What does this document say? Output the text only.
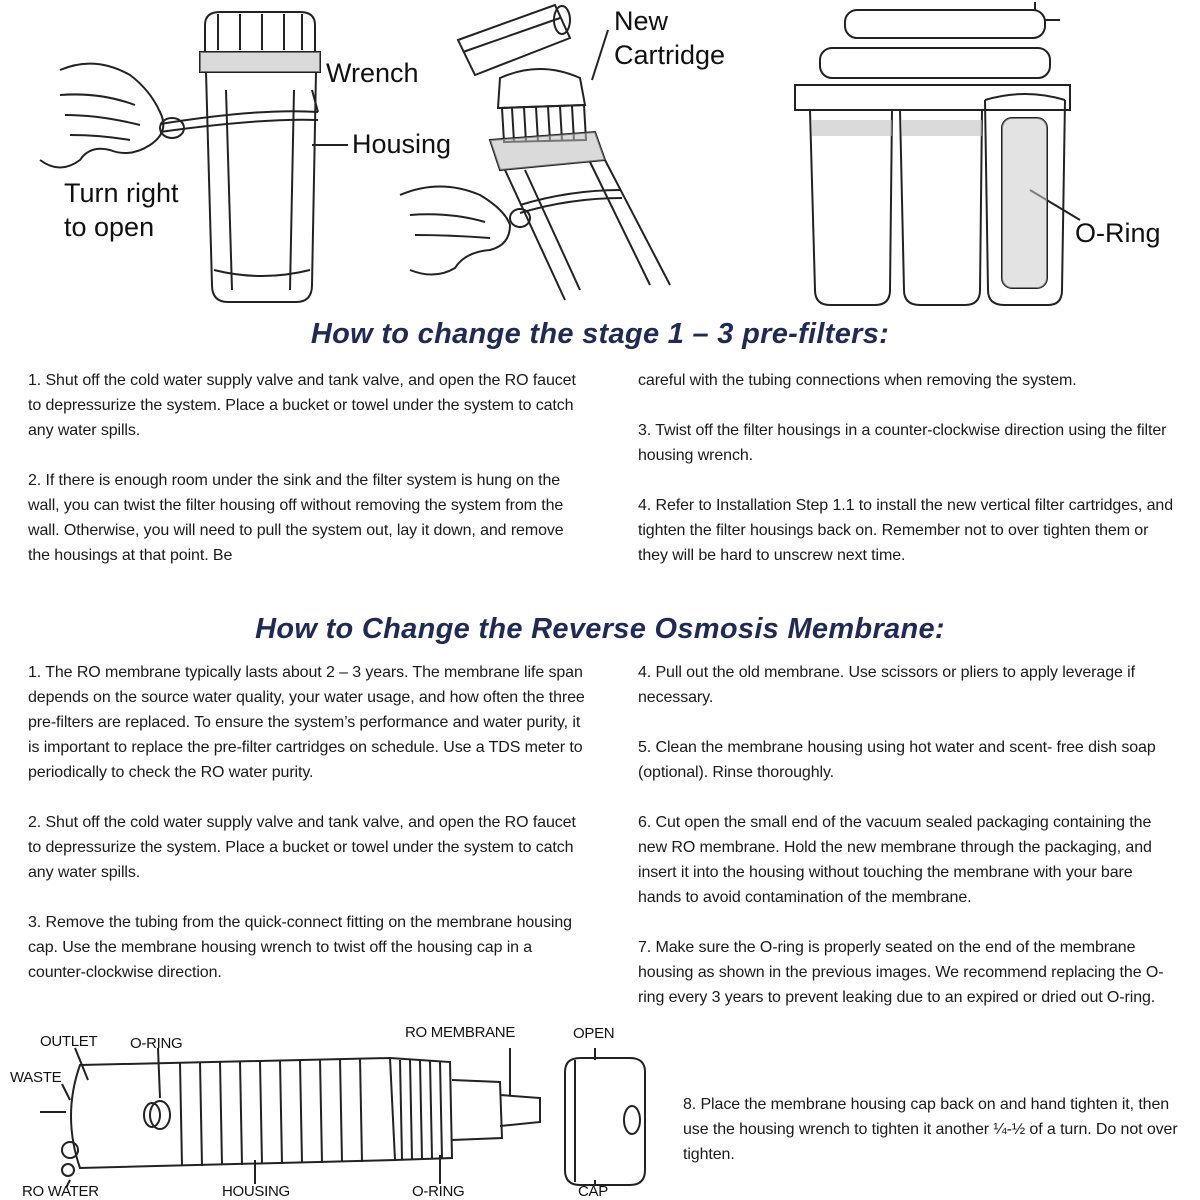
Wrench
Housing
Turn right
to open
New
Cartridge
O-Ring
How to change the stage 1 – 3 pre-filters:

1. Shut off the cold water supply valve and tank valve, and open the RO faucet to depressurize the system. Place a bucket or towel under the system to catch any water spills.

2. If there is enough room under the sink and the filter system is hung on the wall, you can twist the filter housing off without removing the system from the wall. Otherwise, you will need to pull the system out, lay it down, and remove the housings at that point. Be

careful with the tubing connections when removing the system.

3. Twist off the filter housings in a counter-clockwise direction using the filter housing wrench.

4. Refer to Installation Step 1.1 to install the new vertical filter cartridges, and tighten the filter housings back on. Remember not to over tighten them or they will be hard to unscrew next time.

How to Change the Reverse Osmosis Membrane:

1. The RO membrane typically lasts about 2 – 3 years. The membrane life span depends on the source water quality, your water usage, and how often the three pre-filters are replaced. To ensure the system’s performance and water purity, it is important to replace the pre-filter cartridges on schedule. Use a TDS meter to periodically to check the RO water purity.

2. Shut off the cold water supply valve and tank valve, and open the RO faucet to depressurize the system. Place a bucket or towel under the system to catch any water spills.

3. Remove the tubing from the quick-connect fitting on the membrane housing cap. Use the membrane housing wrench to twist off the housing cap in a counter-clockwise direction.

4. Pull out the old membrane. Use scissors or pliers to apply leverage if necessary.

5. Clean the membrane housing using hot water and scent- free dish soap (optional). Rinse thoroughly.

6. Cut open the small end of the vacuum sealed packaging containing the new RO membrane. Hold the new membrane through the packaging, and insert it into the housing without touching the membrane with your bare hands to avoid contamination of the membrane.

7. Make sure the O-ring is properly seated on the end of the membrane housing as shown in the previous images. We recommend replacing the O-ring every 3 years to prevent leaking due to an expired or dried out O-ring.

8. Place the membrane housing cap back on and hand tighten it, then use the housing wrench to tighten it another ¼-½ of a turn. Do not over tighten.
OUTLET O-RING
WASTE
RO MEMBRANE	OPEN
RO WATER	HOUSING	O-RING	CAP
